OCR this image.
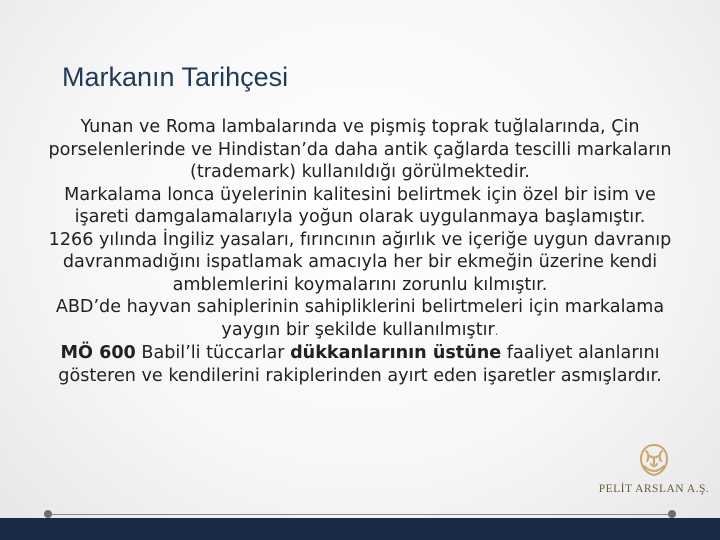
Markanın Tarihçesi

Yunan ve Roma lambalarında ve pişmiş toprak tuğlalarında, Çin porselenlerinde ve Hindistan’da daha antik çağlarda tescilli markaların (trademark) kullanıldığı görülmektedir.

Markalama lonca üyelerinin kalitesini belirtmek için özel bir isim ve işareti damgalamalarıyla yoğun olarak uygulanmaya başlamıştır.

1266 yılında İngiliz yasaları, fırıncının ağırlık ve içeriğe uygun davranıp davranmadığını ispatlamak amacıyla her bir ekmeğin üzerine kendi amblemlerini koymalarını zorunlu kılmıştır.

ABD’de hayvan sahiplerinin sahipliklerini belirtmeleri için markalama yaygın bir şekilde kullanılmıştır.

MÖ 600 Babil’li tüccarlar dükkanlarının üstüne faaliyet alanlarını gösteren ve kendilerini rakiplerinden ayırt eden işaretler asmışlardır.

PELİT ARSLAN A.Ş.
